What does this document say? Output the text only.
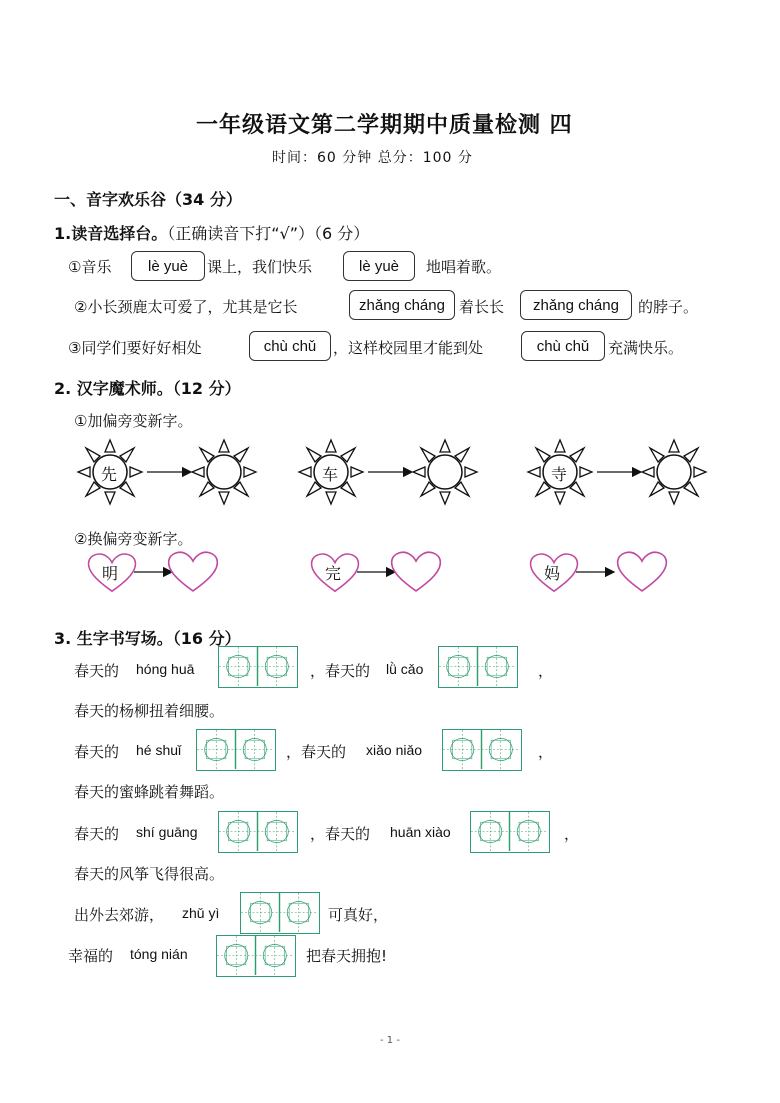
一年级语文第二学期期中质量检测 四
时间：60 分钟 总分：100 分
一、音字欢乐谷（34 分）
1.读音选择台。（正确读音下打“√”）（6 分）
①音乐	lè yuè	课上，我们快乐	lè yuè	地唱着歌。
②小长颈鹿太可爱了，尤其是它长	zhǎng cháng 着长长	zhǎng cháng	的脖子。
③同学们要好好相处	chù chǔ	，这样校园里才能到处	chù chǔ	充满快乐。
2. 汉字魔术师。（12 分）
①加偏旁变新字。
先	车	寺
②换偏旁变新字。
明	完	妈
3. 生字书写场。（16 分）
春天的 hóng huā	，春天的 lǜ cǎo	，
春天的杨柳扭着细腰。
春天的 hé shuǐ	，春天的 xiǎo niǎo	，
春天的蜜蜂跳着舞蹈。
春天的 shí guāng	，春天的 huān xiào	，
春天的风筝飞得很高。
出外去郊游， zhǔ yì	可真好，
幸福的 tóng nián	把春天拥抱!
- 1 -
